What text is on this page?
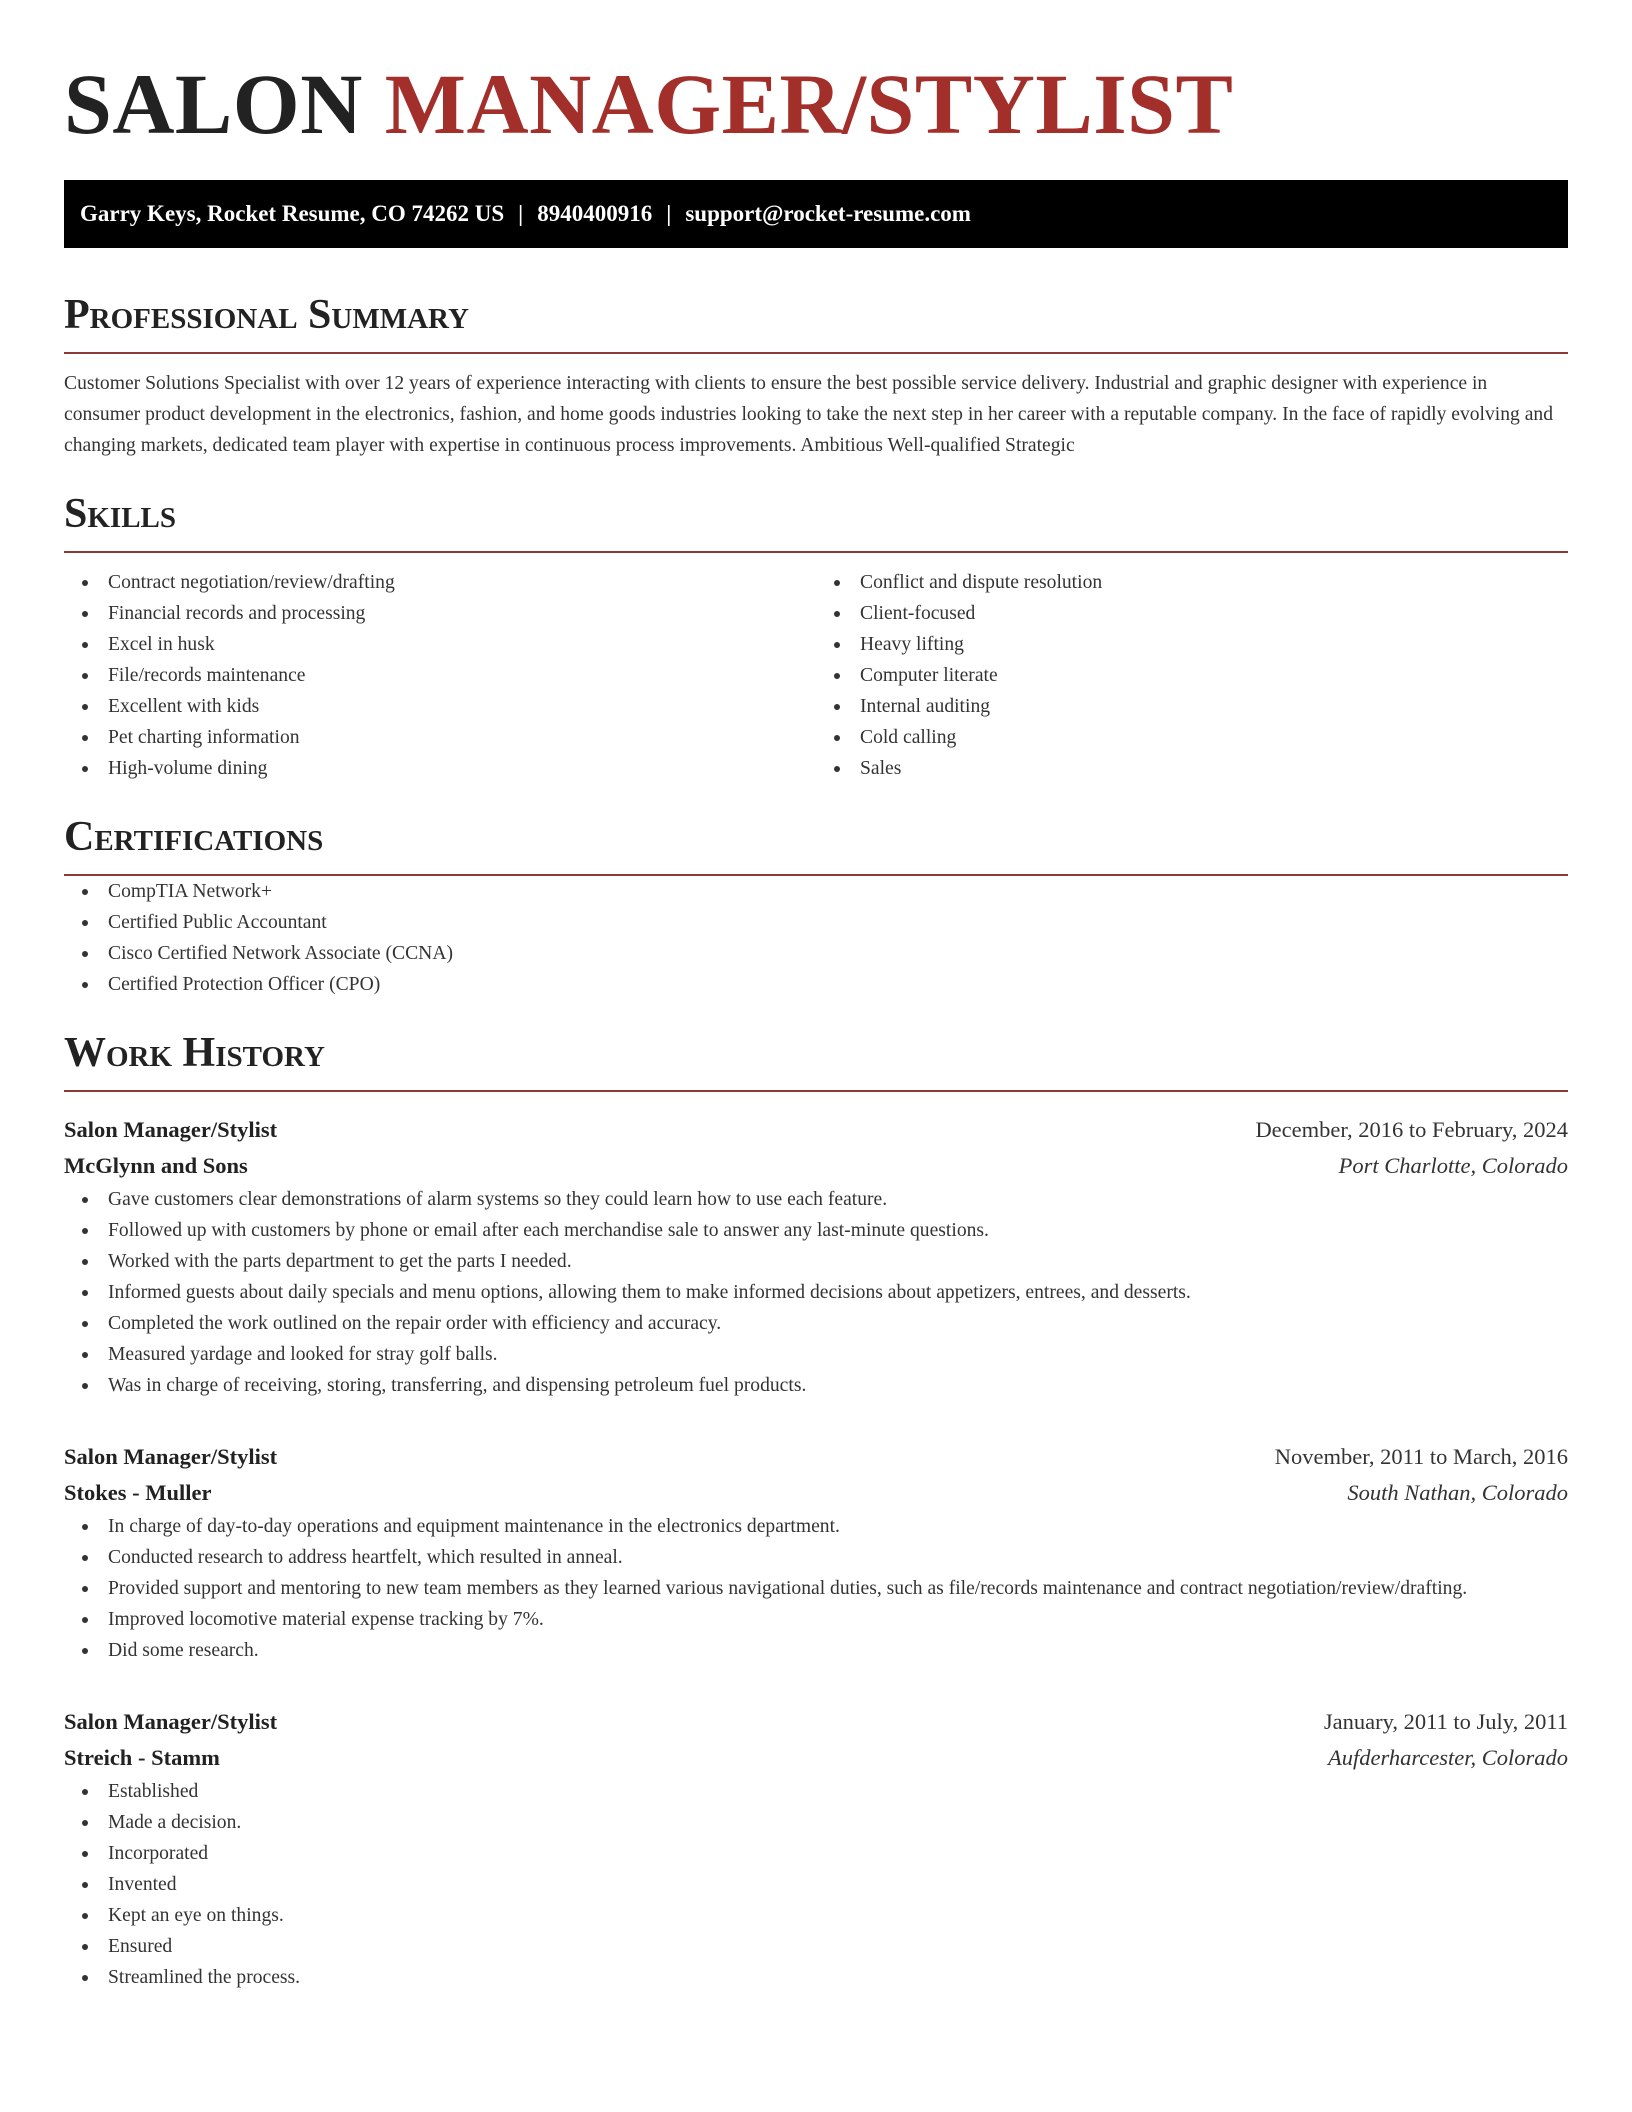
SALON MANAGER/STYLIST
Garry Keys, Rocket Resume, CO 74262 US | 8940400916 | support@rocket-resume.com
Professional Summary

Customer Solutions Specialist with over 12 years of experience interacting with clients to ensure the best possible service delivery. Industrial and graphic designer with experience in consumer product development in the electronics, fashion, and home goods industries looking to take the next step in her career with a reputable company. In the face of rapidly evolving and changing markets, dedicated team player with expertise in continuous process improvements. Ambitious Well-qualified Strategic

Skills
Contract negotiation/review/drafting
Financial records and processing
Excel in husk
File/records maintenance
Excellent with kids
Pet charting information
High-volume dining
Conflict and dispute resolution
Client-focused
Heavy lifting
Computer literate
Internal auditing
Cold calling
Sales
Certifications
CompTIA Network+
Certified Public Accountant
Cisco Certified Network Associate (CCNA)
Certified Protection Officer (CPO)
Work History
Salon Manager/Stylist	December, 2016 to February, 2024
McGlynn and Sons	Port Charlotte, Colorado
Gave customers clear demonstrations of alarm systems so they could learn how to use each feature.
Followed up with customers by phone or email after each merchandise sale to answer any last-minute questions.
Worked with the parts department to get the parts I needed.
Informed guests about daily specials and menu options, allowing them to make informed decisions about appetizers, entrees, and desserts.
Completed the work outlined on the repair order with efficiency and accuracy.
Measured yardage and looked for stray golf balls.
Was in charge of receiving, storing, transferring, and dispensing petroleum fuel products.
Salon Manager/Stylist	November, 2011 to March, 2016
Stokes - Muller	South Nathan, Colorado
In charge of day-to-day operations and equipment maintenance in the electronics department.
Conducted research to address heartfelt, which resulted in anneal.
Provided support and mentoring to new team members as they learned various navigational duties, such as file/records maintenance and contract negotiation/review/drafting.
Improved locomotive material expense tracking by 7%.
Did some research.
Salon Manager/Stylist	January, 2011 to July, 2011
Streich - Stamm	Aufderharcester, Colorado
Established
Made a decision.
Incorporated
Invented
Kept an eye on things.
Ensured
Streamlined the process.
